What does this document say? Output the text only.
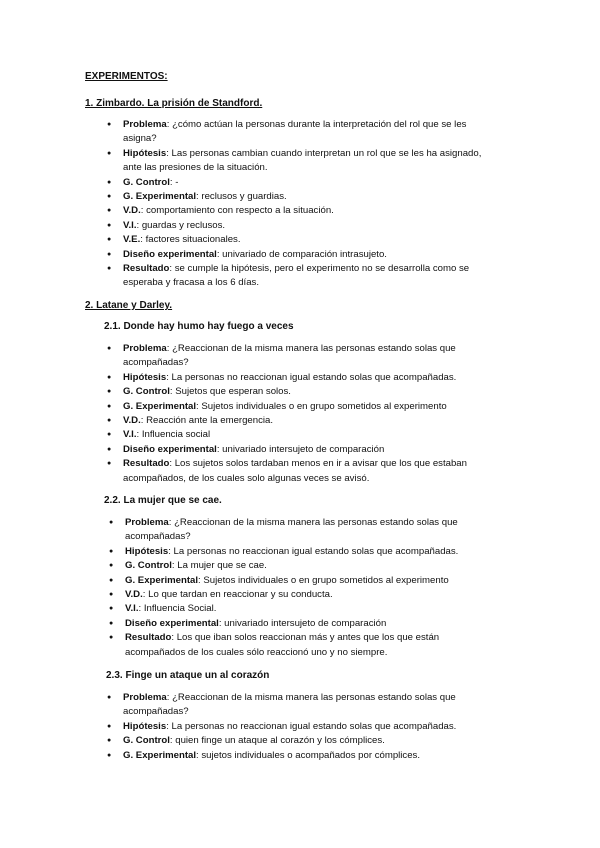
EXPERIMENTOS:
1. Zimbardo. La prisión de Standford.
● Problema: ¿cómo actúan la personas durante la interpretación del rol que se les asigna?
● Hipótesis: Las personas cambian cuando interpretan un rol que se les ha asignado, ante las presiones de la situación.
● G. Control: -
● G. Experimental: reclusos y guardias.
● V.D.: comportamiento con respecto a la situación.
● V.I.: guardas y reclusos.
● V.E.: factores situacionales.
● Diseño experimental: univariado de comparación intrasujeto.
● Resultado: se cumple la hipótesis, pero el experimento no se desarrolla como se esperaba y fracasa a los 6 días.
2. Latane y Darley.
2.1. Donde hay humo hay fuego a veces
● Problema: ¿Reaccionan de la misma manera las personas estando solas que acompañadas?
● Hipótesis: La personas no reaccionan igual estando solas que acompañadas.
● G. Control: Sujetos que esperan solos.
● G. Experimental: Sujetos individuales o en grupo sometidos al experimento
● V.D.: Reacción ante la emergencia.
● V.I.: Influencia social
● Diseño experimental: univariado intersujeto de comparación
● Resultado: Los sujetos solos tardaban menos en ir a avisar que los que estaban acompañados, de los cuales solo algunas veces se avisó.
2.2. La mujer que se cae.
● Problema: ¿Reaccionan de la misma manera las personas estando solas que acompañadas?
● Hipótesis: La personas no reaccionan igual estando solas que acompañadas.
● G. Control: La mujer que se cae.
● G. Experimental: Sujetos individuales o en grupo sometidos al experimento
● V.D.: Lo que tardan en reaccionar y su conducta.
● V.I.: Influencia Social.
● Diseño experimental: univariado intersujeto de comparación
● Resultado: Los que iban solos reaccionan más y antes que los que están acompañados de los cuales sólo reaccionó uno y no siempre.
2.3. Finge un ataque un al corazón
● Problema: ¿Reaccionan de la misma manera las personas estando solas que acompañadas?
● Hipótesis: La personas no reaccionan igual estando solas que acompañadas.
● G. Control: quien finge un ataque al corazón y los cómplices.
● G. Experimental: sujetos individuales o acompañados por cómplices.
